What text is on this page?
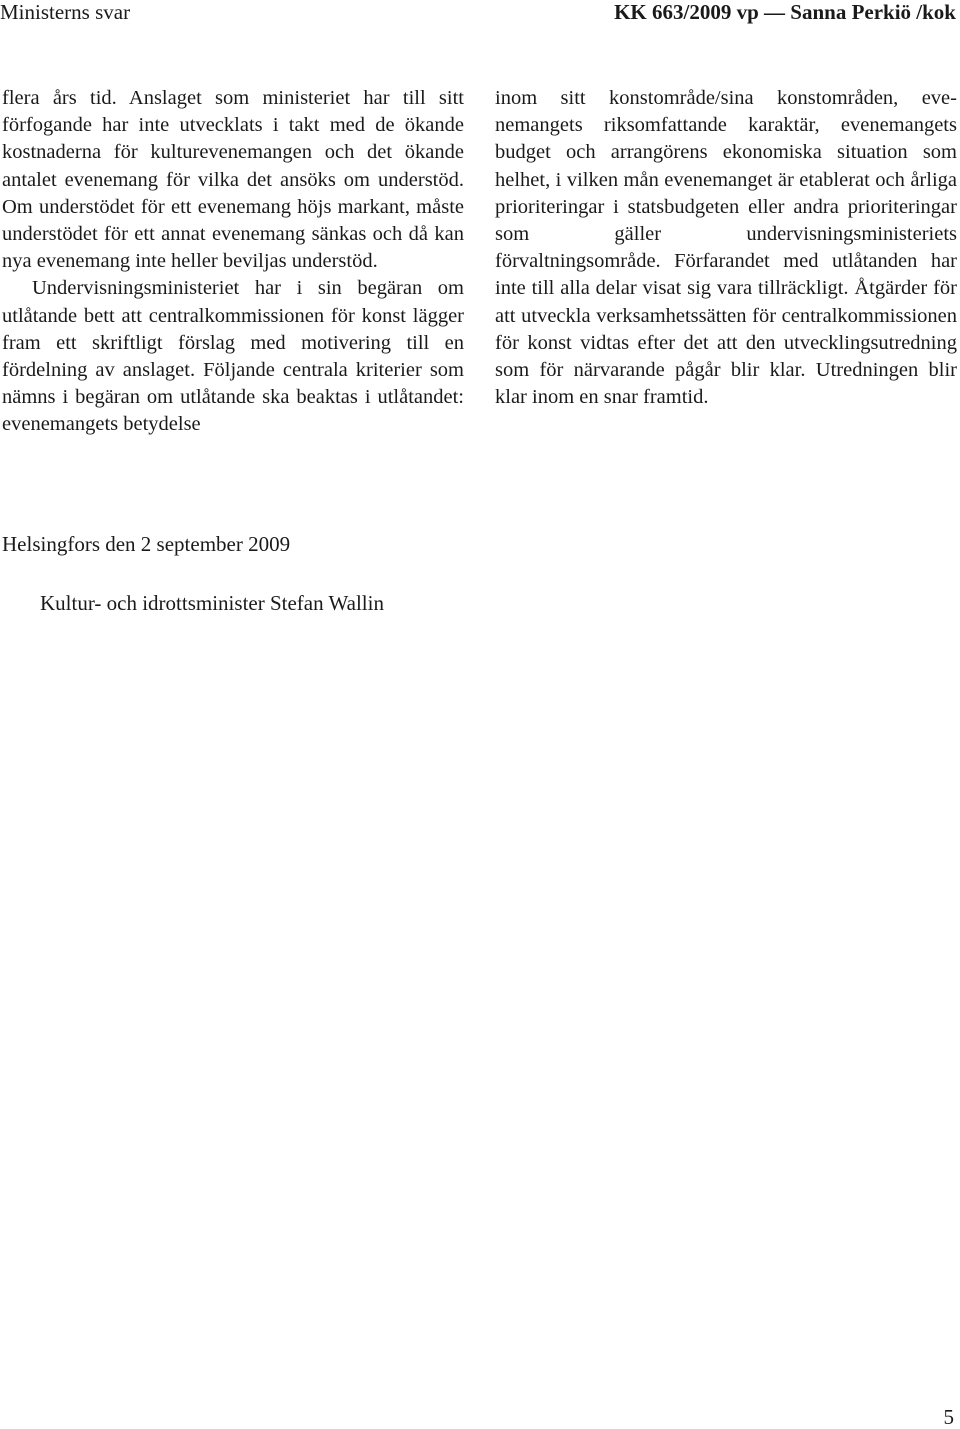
Ministerns svar	KK 663/2009 vp — Sanna Perkiö /kok

flera års tid. Anslaget som ministeriet har till sitt förfogande har inte utvecklats i takt med de ökande kostnaderna för kulturevenemangen och det ökande antalet evenemang för vilka det ansöks om understöd. Om understödet för ett evenemang höjs markant, måste understödet för ett annat evenemang sänkas och då kan nya evenemang inte heller beviljas understöd.

Undervisningsministeriet har i sin begäran om utlåtande bett att centralkommissionen för konst lägger fram ett skriftligt förslag med motivering till en fördelning av anslaget. Följande centrala kriterier som nämns i begäran om utlåtande ska beaktas i utlåtandet: evenemangets betydelse

inom sitt konstområde/sina konstområden, evenemangets riksomfattande karaktär, evenemangets budget och arrangörens ekonomiska situation som helhet, i vilken mån evenemanget är etablerat och årliga prioriteringar i statsbudgeten eller andra prioriteringar som gäller undervisningsministeriets förvaltningsområde. Förfarandet med utlåtanden har inte till alla delar visat sig vara tillräckligt. Åtgärder för att utveckla verksamhetssätten för centralkommissionen för konst vidtas efter det att den utvecklingsutredning som för närvarande pågår blir klar. Utredningen blir klar inom en snar framtid.

Helsingfors den 2 september 2009
Kultur- och idrottsminister Stefan Wallin
5
